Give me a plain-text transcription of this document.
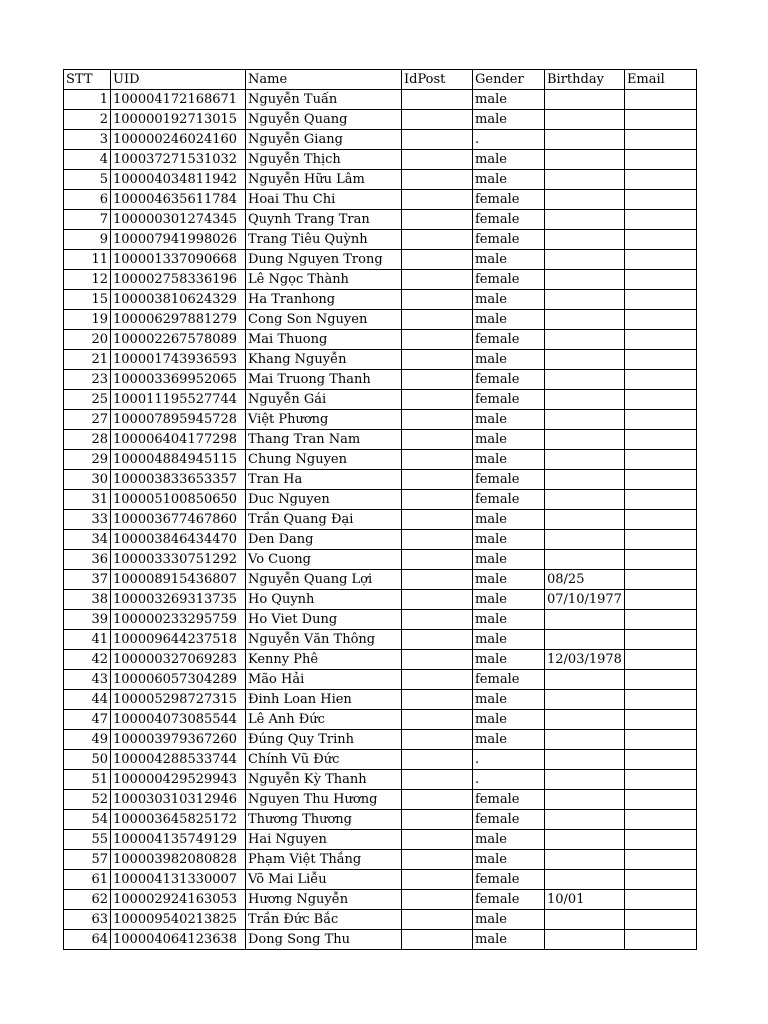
STT	UID	Name	IdPost	Gender	Birthday	Email
1	100004172168671	Nguyễn Tuấn		male		
2	100000192713015	Nguyễn Quang		male		
3	100000246024160	Nguyễn Giang		.		
4	100037271531032	Nguyễn Thịch		male		
5	100004034811942	Nguyễn Hữu Lâm		male		
6	100004635611784	Hoai Thu Chi		female		
7	100000301274345	Quynh Trang Tran		female		
9	100007941998026	Trang Tiêu Quỳnh		female		
11	100001337090668	Dung Nguyen Trong		male		
12	100002758336196	Lê Ngọc Thành		female		
15	100003810624329	Ha Tranhong		male		
19	100006297881279	Cong Son Nguyen		male		
20	100002267578089	Mai Thuong		female		
21	100001743936593	Khang Nguyễn		male		
23	100003369952065	Mai Truong Thanh		female		
25	100011195527744	Nguyễn Gái		female		
27	100007895945728	Việt Phương		male		
28	100006404177298	Thang Tran Nam		male		
29	100004884945115	Chung Nguyen		male		
30	100003833653357	Tran Ha		female		
31	100005100850650	Duc Nguyen		female		
33	100003677467860	Trần Quang Đại		male		
34	100003846434470	Den Dang		male		
36	100003330751292	Vo Cuong		male		
37	100008915436807	Nguyễn Quang Lợi		male	08/25	
38	100003269313735	Ho Quynh		male	07/10/1977	
39	100000233295759	Ho Viet Dung		male		
41	100009644237518	Nguyễn Văn Thông		male		
42	100000327069283	Kenny Phê		male	12/03/1978	
43	100006057304289	Mão Hải		female		
44	100005298727315	Đinh Loan Hien		male		
47	100004073085544	Lê Anh Đức		male		
49	100003979367260	Đúng Quy Trinh		male		
50	100004288533744	Chính Vũ Đức		.		
51	100000429529943	Nguyễn Kỳ Thanh		.		
52	100030310312946	Nguyen Thu Hương		female		
54	100003645825172	Thương Thương		female		
55	100004135749129	Hai Nguyen		male		
57	100003982080828	Phạm Việt Thắng		male		
61	100004131330007	Võ Mai Liễu		female		
62	100002924163053	Hương Nguyễn		female	10/01	
63	100009540213825	Trần Đức Bắc		male		
64	100004064123638	Dong Song Thu		male		
